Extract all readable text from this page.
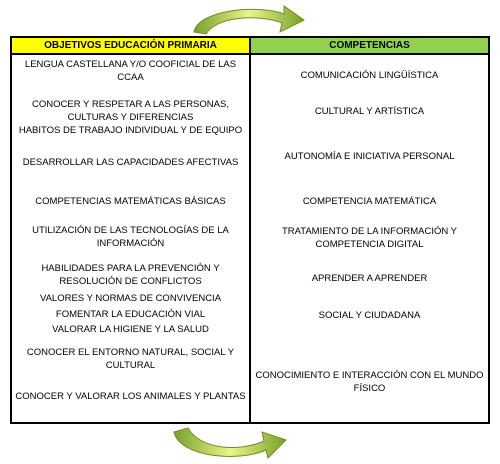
OBJETIVOS EDUCACIÓN PRIMARIA	COMPETENCIAS
LENGUA CASTELLANA Y/O COOFICIAL DE LAS CCAA
CONOCER Y RESPETAR A LAS PERSONAS, CULTURAS Y DIFERENCIAS
HABITOS DE TRABAJO INDIVIDUAL Y DE EQUIPO
DESARROLLAR LAS CAPACIDADES AFECTIVAS
COMPETENCIAS MATEMÁTICAS BÁSICAS
UTILIZACIÓN DE LAS TECNOLOGÍAS DE LA INFORMACIÓN
HABILIDADES PARA LA PREVENCIÓN Y RESOLUCIÓN DE CONFLICTOS
VALORES Y NORMAS DE CONVIVENCIA
FOMENTAR LA EDUCACIÓN VIAL
VALORAR LA HIGIENE Y LA SALUD
CONOCER EL ENTORNO NATURAL, SOCIAL Y CULTURAL
CONOCER Y VALORAR LOS ANIMALES Y PLANTAS
COMUNICACIÓN LINGÜÍSTICA
CULTURAL Y ARTÍSTICA
AUTONOMÍA E INICIATIVA PERSONAL
COMPETENCIA MATEMÁTICA
TRATAMIENTO DE LA INFORMACIÓN Y COMPETENCIA DIGITAL
APRENDER A APRENDER
SOCIAL Y CIUDADANA
CONOCIMIENTO E INTERACCIÓN CON EL MUNDO FÍSICO
